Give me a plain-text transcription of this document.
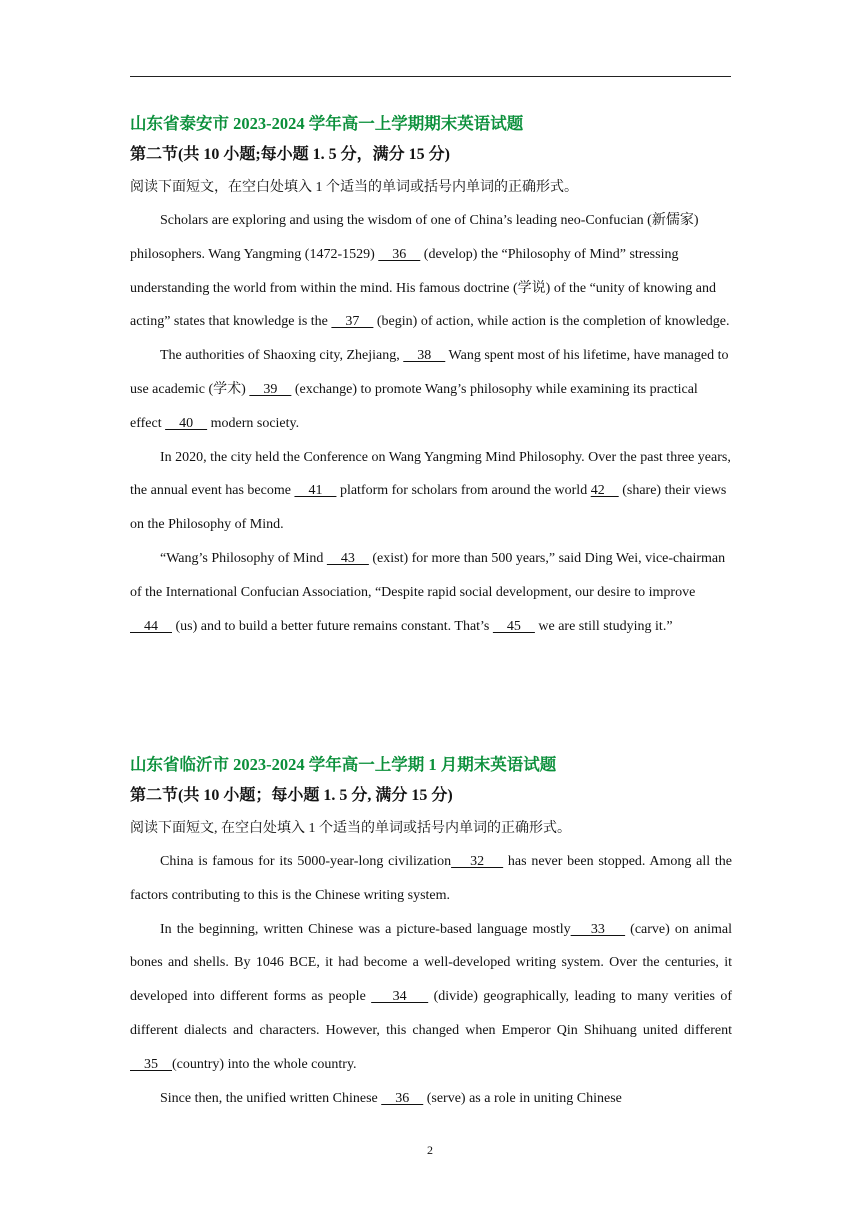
山东省泰安市 2023-2024 学年高一上学期期末英语试题
第二节(共 10 小题;每小题 1. 5 分，满分 15 分)
阅读下面短文，在空白处填入 1 个适当的单词或括号内单词的正确形式。

Scholars are exploring and using the wisdom of one of China’s leading neo-Confucian (新儒家) philosophers. Wang Yangming (1472-1529)     36     (develop) the “Philosophy of Mind” stressing understanding the world from within the mind. His famous doctrine (学说) of the “unity of knowing and acting” states that knowledge is the     37     (begin) of action, while action is the completion of knowledge.

The authorities of Shaoxing city, Zhejiang,     38     Wang spent most of his lifetime, have managed to use academic (学术)     39     (exchange) to promote Wang’s philosophy while examining its practical effect     40     modern society.

In 2020, the city held the Conference on Wang Yangming Mind Philosophy. Over the past three years, the annual event has become     41     platform for scholars from around the world 42     (share) their views on the Philosophy of Mind.

“Wang’s Philosophy of Mind     43     (exist) for more than 500 years,” said Ding Wei, vice-chairman of the International Confucian Association, “Despite rapid social development, our desire to improve     44     (us) and to build a better future remains constant. That’s     45     we are still studying it.”

山东省临沂市 2023-2024 学年高一上学期 1 月期末英语试题
第二节(共 10 小题；每小题 1. 5 分, 满分 15 分)
阅读下面短文, 在空白处填入 1 个适当的单词或括号内单词的正确形式。

China is famous for its 5000-year-long civilization    32     has never been stopped. Among all the factors contributing to this is the Chinese writing system.

In the beginning, written Chinese was a picture-based language mostly    33     (carve) on animal bones and shells. By 1046 BCE, it had become a well-developed writing system. Over the centuries, it developed into different forms as people     34     (divide) geographically, leading to many verities of different dialects and characters. However, this changed when Emperor Qin Shihuang united different     35    (country) into the whole country.

Since then, the unified written Chinese     36     (serve) as a role in uniting Chinese

2
